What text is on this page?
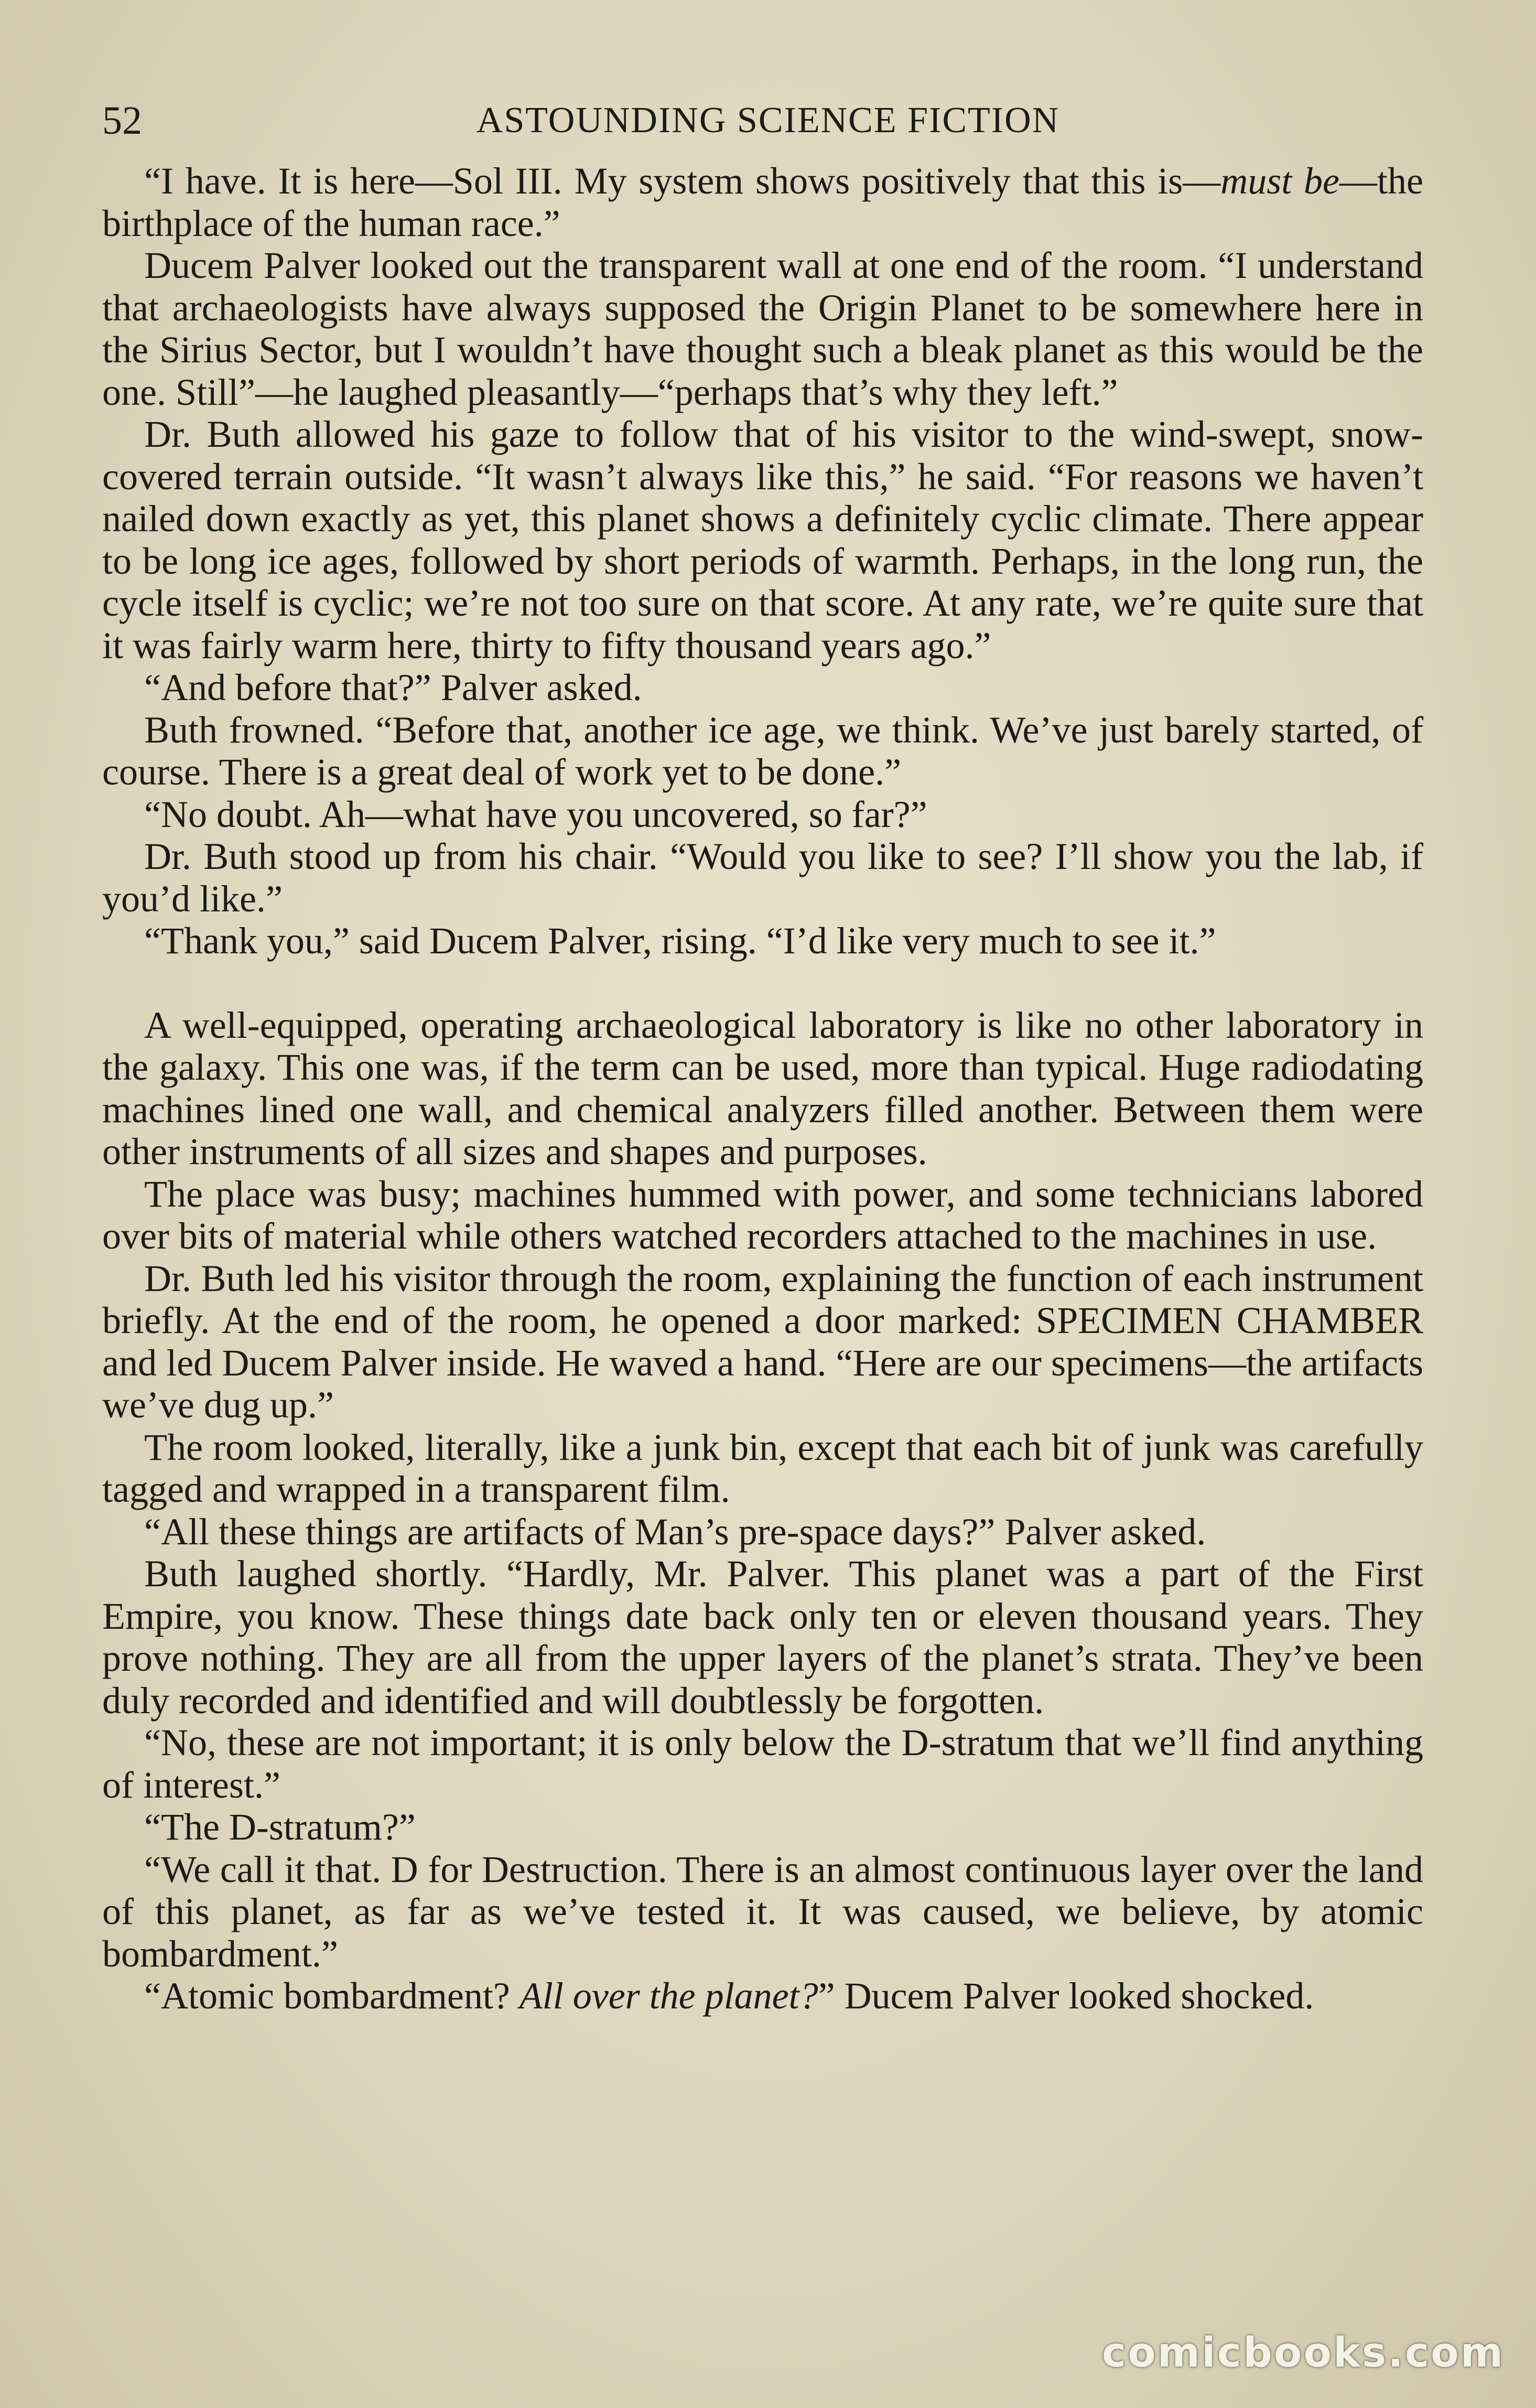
52	ASTOUNDING SCIENCE FICTION

“I have. It is here—Sol III. My system shows positively that this is—must be—the birthplace of the human race.”

Ducem Palver looked out the transparent wall at one end of the room. “I understand that archaeologists have always supposed the Origin Planet to be somewhere here in the Sirius Sector, but I wouldn’t have thought such a bleak planet as this would be the one. Still”—he laughed pleasantly—“perhaps that’s why they left.”

Dr. Buth allowed his gaze to follow that of his visitor to the wind-swept, snow-covered terrain outside. “It wasn’t always like this,” he said. “For reasons we haven’t nailed down exactly as yet, this planet shows a definitely cyclic climate. There appear to be long ice ages, followed by short periods of warmth. Perhaps, in the long run, the cycle itself is cyclic; we’re not too sure on that score. At any rate, we’re quite sure that it was fairly warm here, thirty to fifty thousand years ago.”

“And before that?” Palver asked.

Buth frowned. “Before that, another ice age, we think. We’ve just barely started, of course. There is a great deal of work yet to be done.”

“No doubt. Ah—what have you uncovered, so far?”

Dr. Buth stood up from his chair. “Would you like to see? I’ll show you the lab, if you’d like.”

“Thank you,” said Ducem Palver, rising. “I’d like very much to see it.”

A well-equipped, operating archaeological laboratory is like no other laboratory in the galaxy. This one was, if the term can be used, more than typical. Huge radiodating machines lined one wall, and chemical analyzers filled another. Between them were other instruments of all sizes and shapes and purposes.

The place was busy; machines hummed with power, and some technicians labored over bits of material while others watched recorders attached to the machines in use.

Dr. Buth led his visitor through the room, explaining the function of each instrument briefly. At the end of the room, he opened a door marked: SPECIMEN CHAMBER and led Ducem Palver inside. He waved a hand. “Here are our specimens—the artifacts we’ve dug up.”

The room looked, literally, like a junk bin, except that each bit of junk was carefully tagged and wrapped in a transparent film.

“All these things are artifacts of Man’s pre-space days?” Palver asked.

Buth laughed shortly. “Hardly, Mr. Palver. This planet was a part of the First Empire, you know. These things date back only ten or eleven thousand years. They prove nothing. They are all from the upper layers of the planet’s strata. They’ve been duly recorded and identified and will doubtlessly be forgotten.

“No, these are not important; it is only below the D-stratum that we’ll find anything of interest.”

“The D-stratum?”

“We call it that. D for Destruction. There is an almost continuous layer over the land of this planet, as far as we’ve tested it. It was caused, we believe, by atomic bombardment.”

“Atomic bombardment? All over the planet?” Ducem Palver looked shocked.

comicbooks.com
